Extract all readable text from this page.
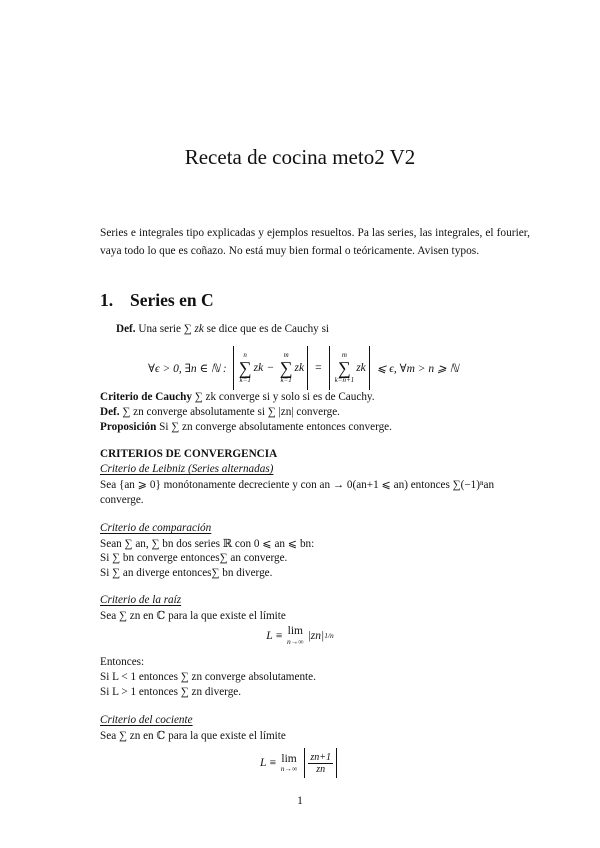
Receta de cocina meto2 V2
Series e integrales tipo explicadas y ejemplos resueltos. Pa las series, las integrales, el fourier, vaya todo lo que es coñazo. No está muy bien formal o teóricamente. Avisen typos.
1. Series en C
Def. Una serie ∑ zk se dice que es de Cauchy si
∀ϵ > 0, ∃n ∈ ℕ :
n
∑
k=1
zk −
m
∑
k=1
zk =
m
∑
k=n+1
zk ⩽ ϵ, ∀m > n ⩾ ℕ
Criterio de Cauchy ∑ zk converge si y solo si es de Cauchy.
Def. ∑ zn converge absolutamente si ∑ |zn| converge.
Proposición Si ∑ zn converge absolutamente entonces converge.
CRITERIOS DE CONVERGENCIA
Criterio de Leibniz (Series alternadas)
Sea {an ⩾ 0} monótonamente decreciente y con an → 0(an+1 ⩽ an) entonces ∑(−1)ⁿan
converge.
Criterio de comparación
Sean ∑ an, ∑ bn dos series ℝ con 0 ⩽ an ⩽ bn:
Si ∑ bn converge entonces∑ an converge.
Si ∑ an diverge entonces∑ bn diverge.
Criterio de la raíz
Sea ∑ zn en ℂ para la que existe el límite
L ≡ lim
n→∞ |zn| 1/n
Entonces:
Si L < 1 entonces ∑ zn converge absolutamente.
Si L > 1 entonces ∑ zn diverge.
Criterio del cociente
Sea ∑ zn en ℂ para la que existe el límite
L ≡ lim
$n\to\infty \frac{zn+1}{zn}$
1
